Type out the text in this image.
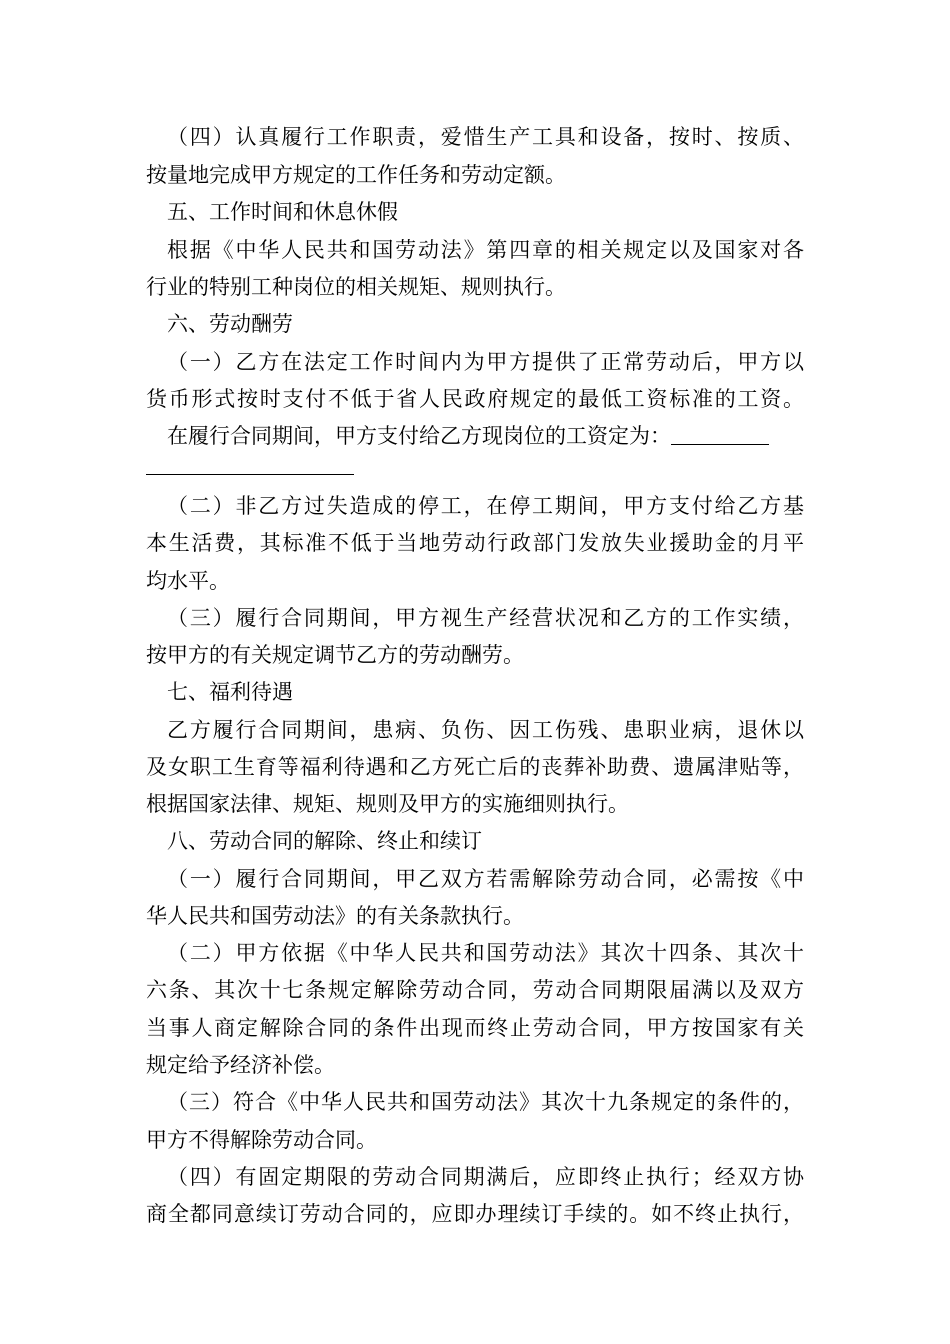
（四）认真履行工作职责，爱惜生产工具和设备，按时、按质、
按量地完成甲方规定的工作任务和劳动定额。
五、工作时间和休息休假
根据《中华人民共和国劳动法》第四章的相关规定以及国家对各
行业的特别工种岗位的相关规矩、规则执行。
六、劳动酬劳
（一）乙方在法定工作时间内为甲方提供了正常劳动后，甲方以
货币形式按时支付不低于省人民政府规定的最低工资标准的工资。
在履行合同期间，甲方支付给乙方现岗位的工资定为：
（二）非乙方过失造成的停工，在停工期间，甲方支付给乙方基
本生活费，其标准不低于当地劳动行政部门发放失业援助金的月平
均水平。
（三）履行合同期间，甲方视生产经营状况和乙方的工作实绩，
按甲方的有关规定调节乙方的劳动酬劳。
七、福利待遇
乙方履行合同期间，患病、负伤、因工伤残、患职业病，退休以
及女职工生育等福利待遇和乙方死亡后的丧葬补助费、遗属津贴等，
根据国家法律、规矩、规则及甲方的实施细则执行。
八、劳动合同的解除、终止和续订
（一）履行合同期间，甲乙双方若需解除劳动合同，必需按《中
华人民共和国劳动法》的有关条款执行。
（二）甲方依据《中华人民共和国劳动法》其次十四条、其次十
六条、其次十七条规定解除劳动合同，劳动合同期限届满以及双方
当事人商定解除合同的条件出现而终止劳动合同，甲方按国家有关
规定给予经济补偿。
（三）符合《中华人民共和国劳动法》其次十九条规定的条件的，
甲方不得解除劳动合同。
（四）有固定期限的劳动合同期满后，应即终止执行；经双方协
商全都同意续订劳动合同的，应即办理续订手续的。如不终止执行，
